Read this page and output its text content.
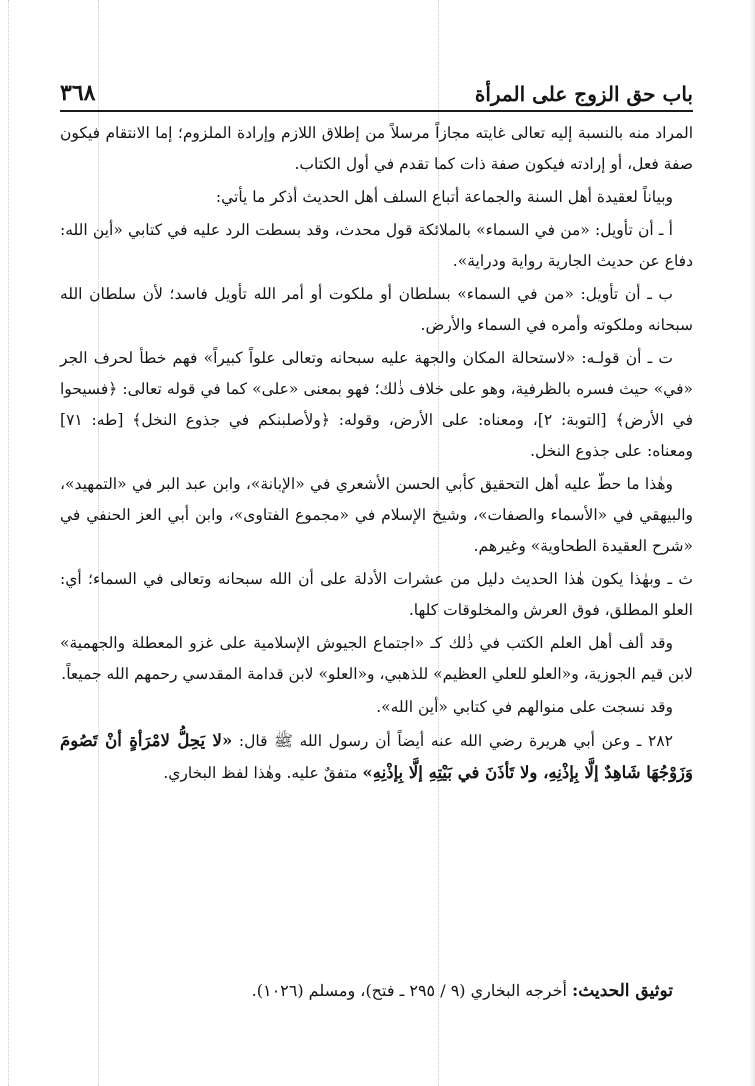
باب حق الزوج على المرأة
٣٦٨

المراد منه بالنسبة إليه تعالى غايته مجازاً مرسلاً من إطلاق اللازم وإرادة الملزوم؛ إما الانتقام فيكون صفة فعل، أو إرادته فيكون صفة ذات كما تقدم في أول الكتاب.

وبياناً لعقيدة أهل السنة والجماعة أتباع السلف أهل الحديث أذكر ما يأتي:

أ ـ أن تأويل: «من في السماء» بالملائكة قول محدث، وقد بسطت الرد عليه في كتابي «أين الله: دفاع عن حديث الجارية رواية ودراية».

ب ـ أن تأويل: «من في السماء» بسلطان أو ملكوت أو أمر الله تأويل فاسد؛ لأن سلطان الله سبحانه وملكوته وأمره في السماء والأرض.

ت ـ أن قولـه: «لاستحالة المكان والجهة عليه سبحانه وتعالى علواً كبيراً» فهم خطأ لحرف الجر «في» حيث فسره بالظرفية، وهو على خلاف ذٰلك؛ فهو بمعنى «على» كما في قوله تعالى: ﴿فسيحوا في الأرض﴾ [التوبة: ٢]، ومعناه: على الأرض، وقوله: ﴿ولأصلبنكم في جذوع النخل﴾ [طه: ٧١] ومعناه: على جذوع النخل.

وهٰذا ما حطّ عليه أهل التحقيق كأبي الحسن الأشعري في «الإبانة»، وابن عبد البر في «التمهيد»، والبيهقي في «الأسماء والصفات»، وشيخ الإسلام في «مجموع الفتاوى»، وابن أبي العز الحنفي في «شرح العقيدة الطحاوية» وغيرهم.

ث ـ وبهٰذا يكون هٰذا الحديث دليل من عشرات الأدلة على أن الله سبحانه وتعالى في السماء؛ أي: العلو المطلق، فوق العرش والمخلوقات كلها.

وقد ألف أهل العلم الكتب في ذٰلك كـ «اجتماع الجيوش الإسلامية على غزو المعطلة والجهمية» لابن قيم الجوزية، و«العلو للعلي العظيم» للذهبي، و«العلو» لابن قدامة المقدسي رحمهم الله جميعاً.

وقد نسجت على منوالهم في كتابي «أين الله».

٢٨٢ ـ وعن أبي هريرة رضي الله عنه أيضاً أن رسول الله ﷺ قال: «لا يَحِلُّ لامْرَأةٍ أنْ تَصُومَ وَزَوْجُهَا شَاهِدٌ إلَّا بِإذْنِهِ، ولا تَأذَنَ في بَيْتِهِ إلَّا بِإذْنِهِ» متفقٌ عليه. وهٰذا لفظ البخاري.

توثيق الحديث: أخرجه البخاري (٩ / ٢٩٥ ـ فتح)، ومسلم (١٠٢٦).
